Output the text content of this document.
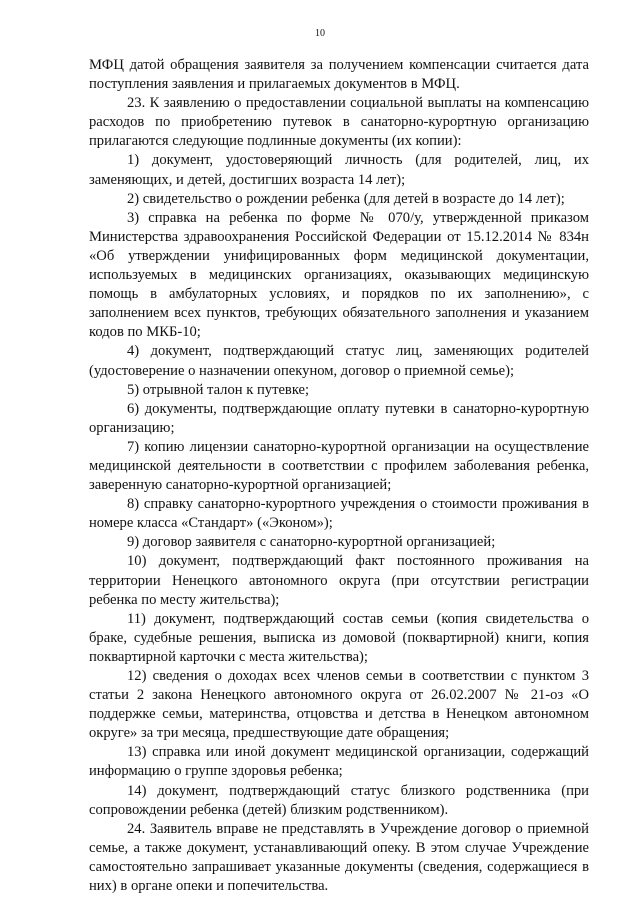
10

МФЦ датой обращения заявителя за получением компенсации считается дата поступления заявления и прилагаемых документов в МФЦ.

23. К заявлению о предоставлении социальной выплаты на компенсацию расходов по приобретению путевок в санаторно-курортную организацию прилагаются следующие подлинные документы (их копии):

1) документ, удостоверяющий личность (для родителей, лиц, их заменяющих, и детей, достигших возраста 14 лет);

2) свидетельство о рождении ребенка (для детей в возрасте до 14 лет);

3) справка на ребенка по форме № 070/у, утвержденной приказом Министерства здравоохранения Российской Федерации от 15.12.2014 № 834н «Об утверждении унифицированных форм медицинской документации, используемых в медицинских организациях, оказывающих медицинскую помощь в амбулаторных условиях, и порядков по их заполнению», с заполнением всех пунктов, требующих обязательного заполнения и указанием кодов по МКБ-10;

4) документ, подтверждающий статус лиц, заменяющих родителей (удостоверение о назначении опекуном, договор о приемной семье);

5) отрывной талон к путевке;

6) документы, подтверждающие оплату путевки в санаторно-курортную организацию;

7) копию лицензии санаторно-курортной организации на осуществление медицинской деятельности в соответствии с профилем заболевания ребенка, заверенную санаторно-курортной организацией;

8) справку санаторно-курортного учреждения о стоимости проживания в номере класса «Стандарт» («Эконом»);

9) договор заявителя с санаторно-курортной организацией;

10) документ, подтверждающий факт постоянного проживания на территории Ненецкого автономного округа (при отсутствии регистрации ребенка по месту жительства);

11) документ, подтверждающий состав семьи (копия свидетельства о браке, судебные решения, выписка из домовой (поквартирной) книги, копия поквартирной карточки с места жительства);

12) сведения о доходах всех членов семьи в соответствии с пунктом 3 статьи 2 закона Ненецкого автономного округа от 26.02.2007 № 21-оз «О поддержке семьи, материнства, отцовства и детства в Ненецком автономном округе» за три месяца, предшествующие дате обращения;

13) справка или иной документ медицинской организации, содержащий информацию о группе здоровья ребенка;

14) документ, подтверждающий статус близкого родственника (при сопровождении ребенка (детей) близким родственником).

24. Заявитель вправе не представлять в Учреждение договор о приемной семье, а также документ, устанавливающий опеку. В этом случае Учреждение самостоятельно запрашивает указанные документы (сведения, содержащиеся в них) в органе опеки и попечительства.
